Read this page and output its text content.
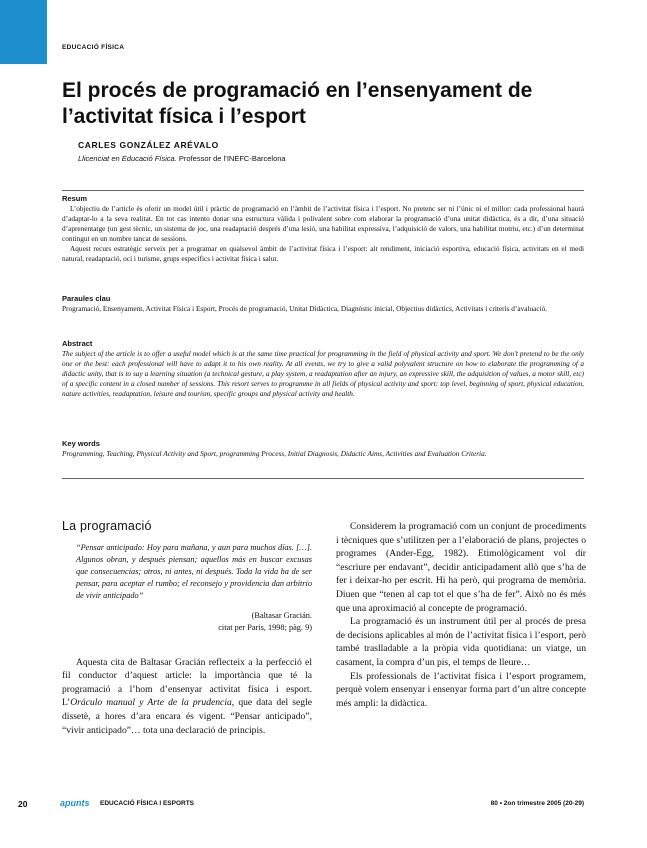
EDUCACIÓ FÍSICA
El procés de programació en l’ensenyament de l’activitat física i l’esport
CARLES GONZÁLEZ ARÉVALO
Llicenciat en Educació Física. Professor de l’INEFC-Barcelona
Resum

L’objectiu de l’article és oferir un model útil i pràctic de programació en l’àmbit de l’activitat física i l’esport. No pretenc ser ni l’únic ni el millor: cada professional haurà d’adaptar-lo a la seva realitat. En tot cas intento donar una estructura vàlida i polivalent sobre com elaborar la programació d’una unitat didàctica, és a dir, d’una situació d’aprenentatge (un gest tècnic, un sistema de joc, una readaptació després d’una lesió, una habilitat expressiva, l’adquisició de valors, una habilitat motriu, etc.) d’un determinat contingut en un nombre tancat de sessions.

Aquest recurs estratègic serveix per a programar en qualsevol àmbit de l’activitat física i l’esport: alt rendiment, iniciació esportiva, educació física, activitats en el medi natural, readaptació, oci i turisme, grups específics i activitat física i salut.

Paraules clau

Programació, Ensenyament, Activitat Física i Esport, Procés de programació, Unitat Didàctica, Diagnòstic inicial, Objectius didàctics, Activitats i criteris d’avaluació.

Abstract

The subject of the article is to offer a useful model which is at the same time practical for programming in the field of physical activity and sport. We don’t pretend to be the only one or the best: each professional will have to adapt it to his own reality. At all events, we try to give a valid polyvalent structure on how to elaborate the programming of a didactic unity, that is to say a learning situation (a technical gesture, a play system, a readaptation after an injury, an expressive skill, the adquisition of values, a motor skill, etc) of a specific content in a closed number of sessions. This resort serves to programme in all fields of physical activity and sport: top level, beginning of sport, physical education, nature activities, readaptation, leisure and tourism, specific groups and physical activity and health.

Key words

Programming, Teaching, Physical Activity and Sport, programming Process, Initial Diagnosis, Didactic Aims, Activities and Evaluation Criteria.

La programació
“Pensar anticipado: Hoy para mañana, y aun para muchos días. […]. Algunos obran, y después piensan; aquellos más en buscar excusas que consecuencias; otros, ni antes, ni después. Toda la vida ha de ser pensar, para aceptar el rumbo; el reconsejo y providencia dan arbitrio de vivir anticipado”
(Baltasar Gracián.
citat per Paris, 1998; pàg. 9)

Aquesta cita de Baltasar Gracián reflecteix a la perfecció el fil conductor d’aquest article: la importància que té la programació a l’hom d’ensenyar activitat física i esport. L’Oráculo manual y Arte de la prudencia, que data del segle dissetè, a hores d’ara encara és vigent. “Pensar anticipado”, “vivir anticipado”… tota una declaració de principis.

Considerem la programació com un conjunt de procediments i tècniques que s’utilitzen per a l’elaboració de plans, projectes o programes (Ander-Egg, 1982). Etimològicament vol dir “escriure per endavant”, decidir anticipadament allò que s’ha de fer i deixar-ho per escrit. Hi ha però, qui programa de memòria. Diuen que “tenen al cap tot el que s’ha de fer”. Això no és més que una aproximació al concepte de programació.

La programació és un instrument útil per al procés de presa de decisions aplicables al món de l’activitat física i l’esport, però també traslladable a la pròpia vida quotidiana: un viatge, un casament, la compra d’un pis, el temps de lleure…

Els professionals de l’activitat física i l’esport programem, perquè volem ensenyar i ensenyar forma part d’un altre concepte més ampli: la didàctica.

20	apunts EDUCACIÓ FÍSICA I ESPORTS	80 • 2on trimestre 2005 (20-29)
